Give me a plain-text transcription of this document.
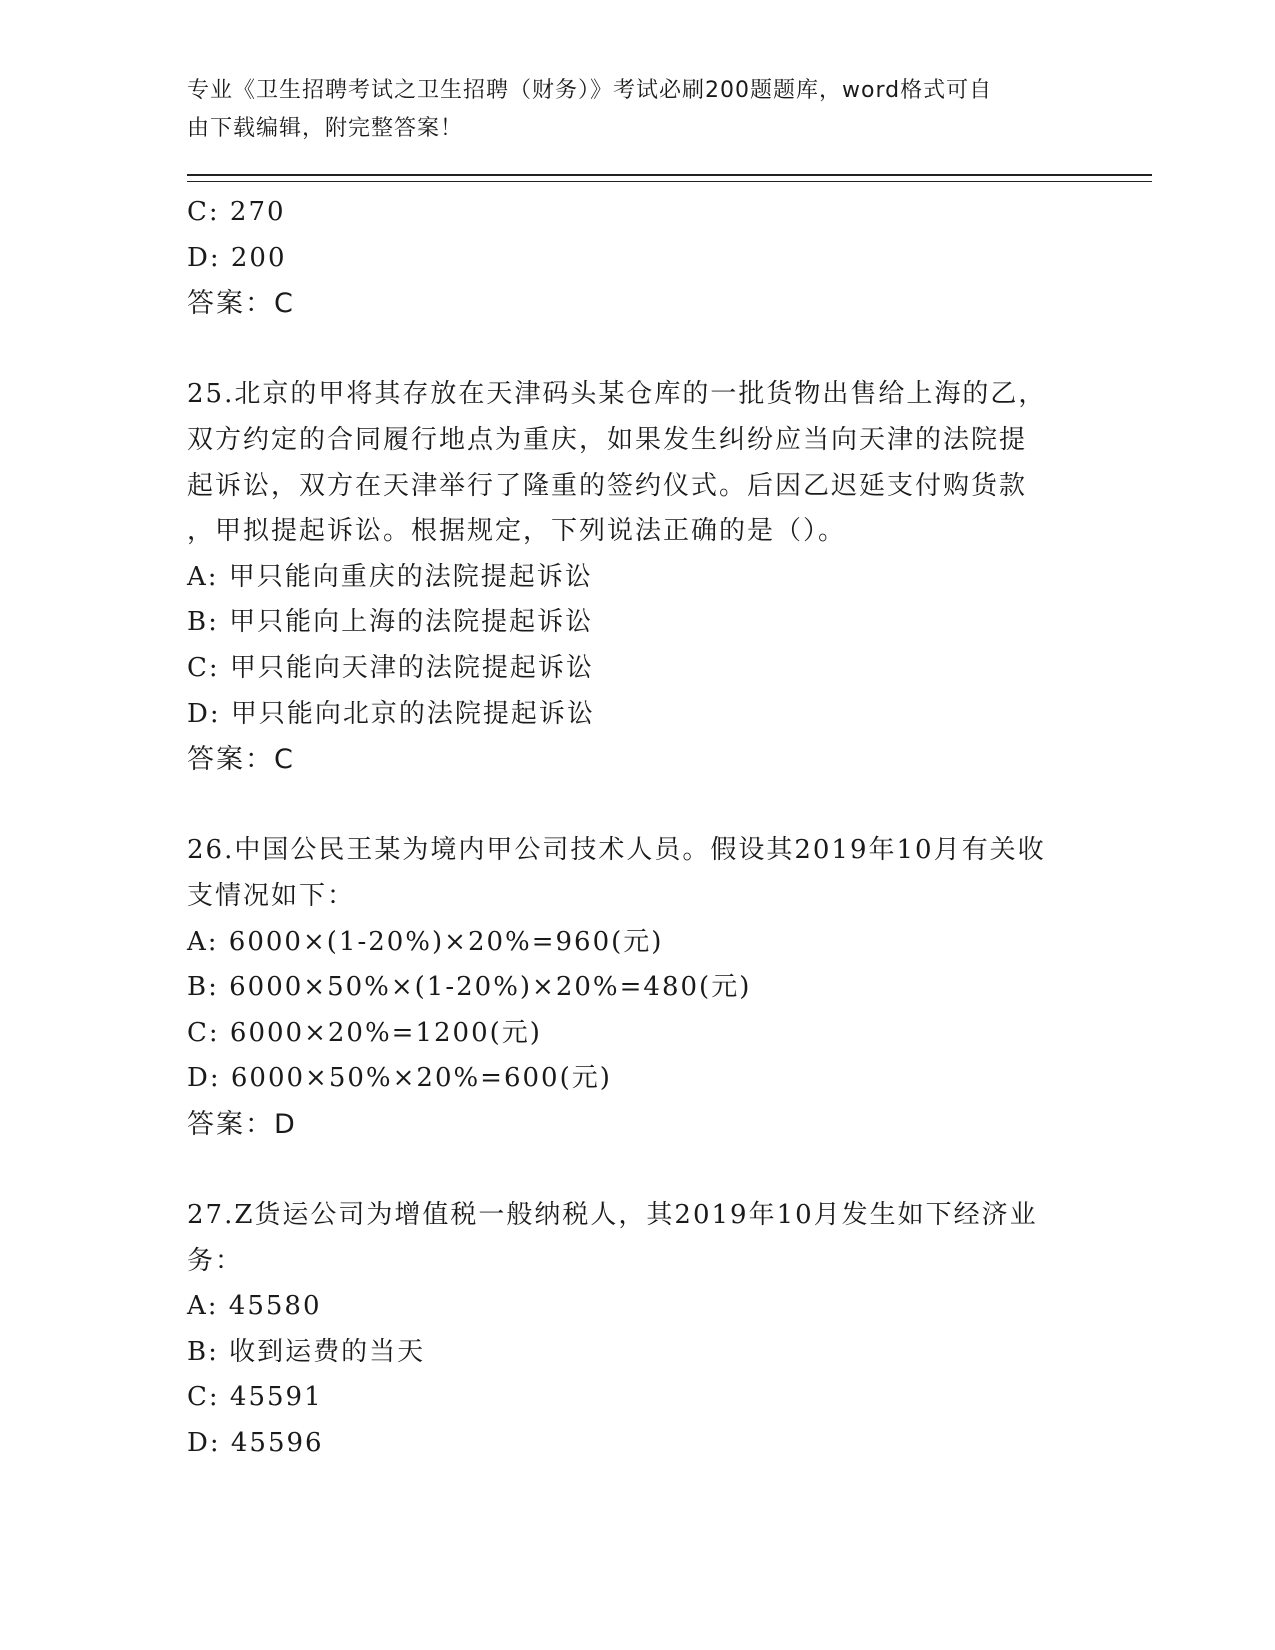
专业《卫生招聘考试之卫生招聘（财务）》考试必刷200题题库，word格式可自
由下载编辑，附完整答案！
C: 270
D: 200
答案：C
25.北京的甲将其存放在天津码头某仓库的一批货物出售给上海的乙，
双方约定的合同履行地点为重庆，如果发生纠纷应当向天津的法院提
起诉讼，双方在天津举行了隆重的签约仪式。后因乙迟延支付购货款
，甲拟提起诉讼。根据规定，下列说法正确的是（）。
A: 甲只能向重庆的法院提起诉讼
B: 甲只能向上海的法院提起诉讼
C: 甲只能向天津的法院提起诉讼
D: 甲只能向北京的法院提起诉讼
答案：C
26.中国公民王某为境内甲公司技术人员。假设其2019年10月有关收
支情况如下：
A: 6000×(1-20%)×20%=960(元)
B: 6000×50%×(1-20%)×20%=480(元)
C: 6000×20%=1200(元)
D: 6000×50%×20%=600(元)
答案：D
27.Z货运公司为增值税一般纳税人，其2019年10月发生如下经济业
务：
A: 45580
B: 收到运费的当天
C: 45591
D: 45596
